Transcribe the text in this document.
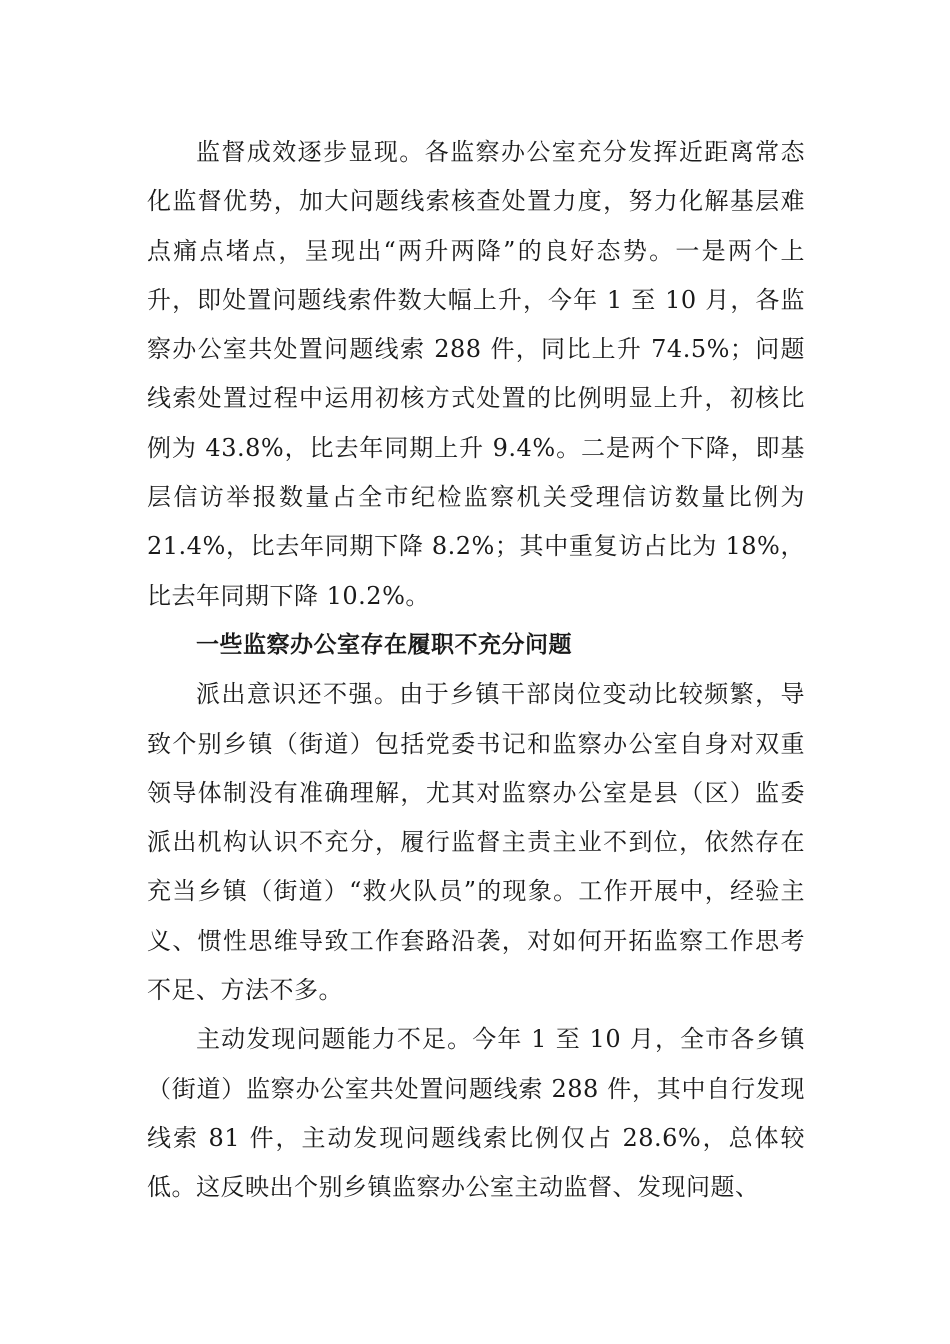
监督成效逐步显现。各监察办公室充分发挥近距离常态化监督优势，加大问题线索核查处置力度，努力化解基层难点痛点堵点，呈现出“两升两降”的良好态势。一是两个上升，即处置问题线索件数大幅上升，今年 1 至 10 月，各监察办公室共处置问题线索 288 件，同比上升 74.5%；问题线索处置过程中运用初核方式处置的比例明显上升，初核比例为 43.8%，比去年同期上升 9.4%。二是两个下降，即基层信访举报数量占全市纪检监察机关受理信访数量比例为 21.4%，比去年同期下降 8.2%；其中重复访占比为 18%，比去年同期下降 10.2%。

一些监察办公室存在履职不充分问题

派出意识还不强。由于乡镇干部岗位变动比较频繁，导致个别乡镇（街道）包括党委书记和监察办公室自身对双重领导体制没有准确理解，尤其对监察办公室是县（区）监委派出机构认识不充分，履行监督主责主业不到位，依然存在充当乡镇（街道）“救火队员”的现象。工作开展中，经验主义、惯性思维导致工作套路沿袭，对如何开拓监察工作思考不足、方法不多。

主动发现问题能力不足。今年 1 至 10 月，全市各乡镇（街道）监察办公室共处置问题线索 288 件，其中自行发现线索 81 件，主动发现问题线索比例仅占 28.6%，总体较低。这反映出个别乡镇监察办公室主动监督、发现问题、
